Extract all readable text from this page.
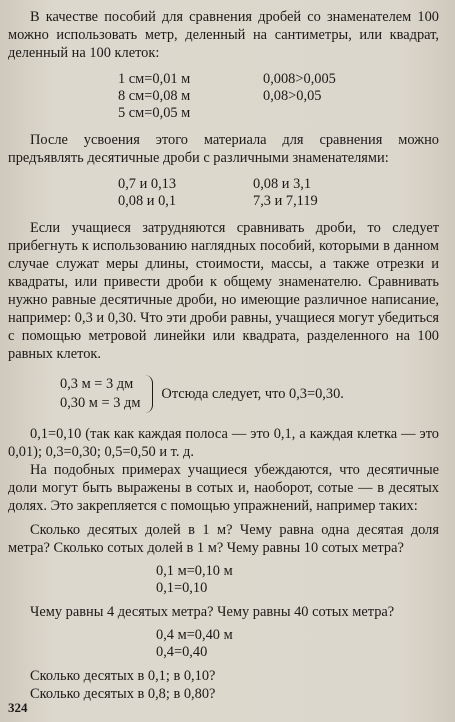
В качестве пособий для сравнения дробей со знаменателем 100 можно использовать метр, деленный на сантиметры, или квадрат, деленный на 100 клеток:

1 см=0,01 м	0,008>0,005
8 см=0,08 м	0,08>0,05
5 см=0,05 м

После усвоения этого материала для сравнения можно предъявлять десятичные дроби с различными знаменателями:

0,7 и 0,13	0,08 и 3,1
0,08 и 0,1	7,3 и 7,119

Если учащиеся затрудняются сравнивать дроби, то следует прибегнуть к использованию наглядных пособий, которыми в данном случае служат меры длины, стоимости, массы, а также отрезки и квадраты, или привести дроби к общему знаменателю. Сравнивать нужно равные десятичные дроби, но имеющие различное написание, например: 0,3 и 0,30. Что эти дроби равны, учащиеся могут убедиться с помощью метровой линейки или квадрата, разделенного на 100 равных клеток.

0,3 м = 3 дм
0,30 м = 3 дм
Отсюда следует, что 0,3=0,30.

0,1=0,10 (так как каждая полоса — это 0,1, а каждая клетка — это 0,01); 0,3=0,30; 0,5=0,50 и т. д.

На подобных примерах учащиеся убеждаются, что десятичные доли могут быть выражены в сотых и, наоборот, сотые — в десятых долях. Это закрепляется с помощью упражнений, например таких:

Сколько десятых долей в 1 м? Чему равна одна десятая доля метра? Сколько сотых долей в 1 м? Чему равны 10 сотых метра?

0,1 м=0,10 м
0,1=0,10

Чему равны 4 десятых метра? Чему равны 40 сотых метра?

0,4 м=0,40 м
0,4=0,40

Сколько десятых в 0,1; в 0,10?

Сколько десятых в 0,8; в 0,80?

324
